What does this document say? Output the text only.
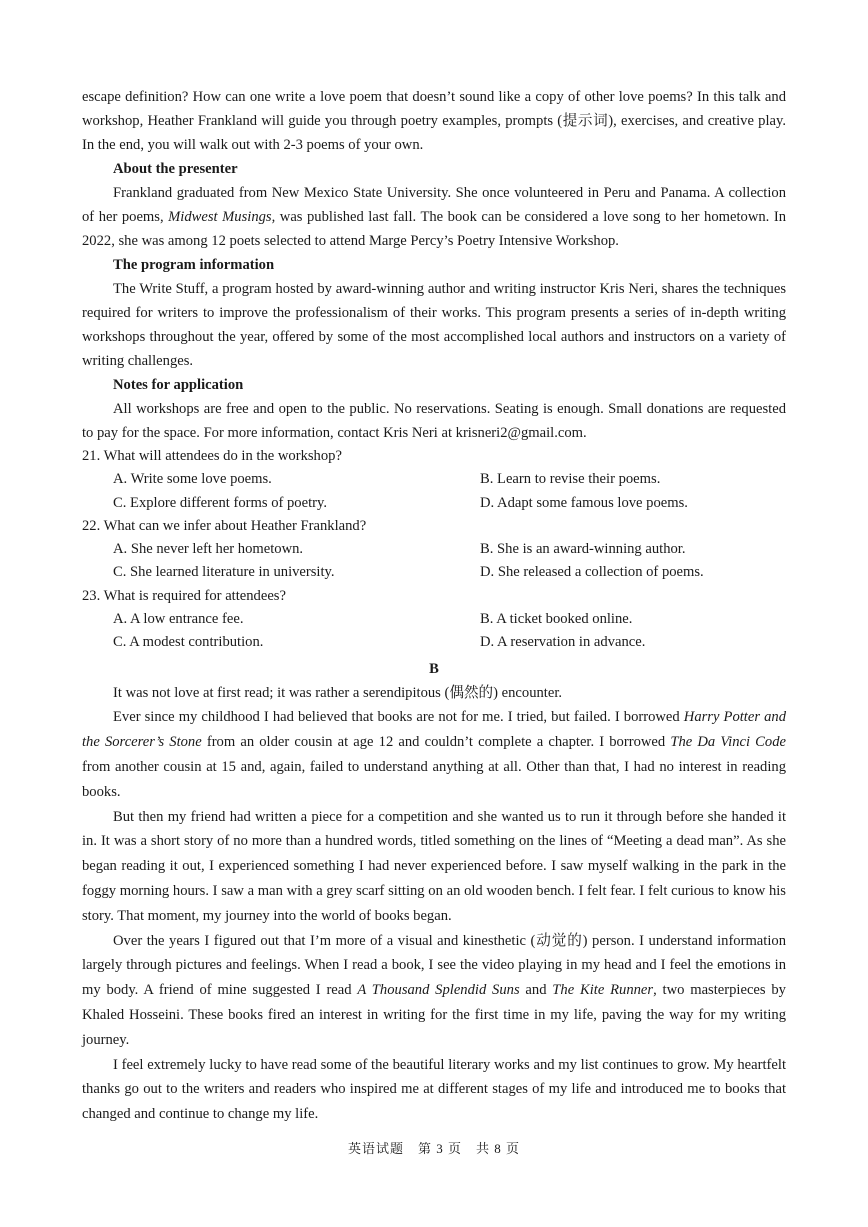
escape definition? How can one write a love poem that doesn’t sound like a copy of other love poems? In this talk and workshop, Heather Frankland will guide you through poetry examples, prompts (提示词), exercises, and creative play. In the end, you will walk out with 2-3 poems of your own.

About the presenter

Frankland graduated from New Mexico State University. She once volunteered in Peru and Panama. A collection of her poems, Midwest Musings, was published last fall. The book can be considered a love song to her hometown. In 2022, she was among 12 poets selected to attend Marge Percy’s Poetry Intensive Workshop.

The program information

The Write Stuff, a program hosted by award-winning author and writing instructor Kris Neri, shares the techniques required for writers to improve the professionalism of their works. This program presents a series of in-depth writing workshops throughout the year, offered by some of the most accomplished local authors and instructors on a variety of writing challenges.

Notes for application

All workshops are free and open to the public. No reservations. Seating is enough. Small donations are requested to pay for the space. For more information, contact Kris Neri at krisneri2@gmail.com.

21. What will attendees do in the workshop?

A. Write some love poems.	B. Learn to revise their poems.
C. Explore different forms of poetry.	D. Adapt some famous love poems.

22. What can we infer about Heather Frankland?

A. She never left her hometown.	B. She is an award-winning author.
C. She learned literature in university.	D. She released a collection of poems.

23. What is required for attendees?

A. A low entrance fee.	B. A ticket booked online.
C. A modest contribution.	D. A reservation in advance.

B

It was not love at first read; it was rather a serendipitous (偶然的) encounter.

Ever since my childhood I had believed that books are not for me. I tried, but failed. I borrowed Harry Potter and the Sorcerer’s Stone from an older cousin at age 12 and couldn’t complete a chapter. I borrowed The Da Vinci Code from another cousin at 15 and, again, failed to understand anything at all. Other than that, I had no interest in reading books.

But then my friend had written a piece for a competition and she wanted us to run it through before she handed it in. It was a short story of no more than a hundred words, titled something on the lines of “Meeting a dead man”. As she began reading it out, I experienced something I had never experienced before. I saw myself walking in the park in the foggy morning hours. I saw a man with a grey scarf sitting on an old wooden bench. I felt fear. I felt curious to know his story. That moment, my journey into the world of books began.

Over the years I figured out that I’m more of a visual and kinesthetic (动觉的) person. I understand information largely through pictures and feelings. When I read a book, I see the video playing in my head and I feel the emotions in my body. A friend of mine suggested I read A Thousand Splendid Suns and The Kite Runner, two masterpieces by Khaled Hosseini. These books fired an interest in writing for the first time in my life, paving the way for my writing journey.

I feel extremely lucky to have read some of the beautiful literary works and my list continues to grow. My heartfelt thanks go out to the writers and readers who inspired me at different stages of my life and introduced me to books that changed and continue to change my life.

英语试题　第 3 页　共 8 页
